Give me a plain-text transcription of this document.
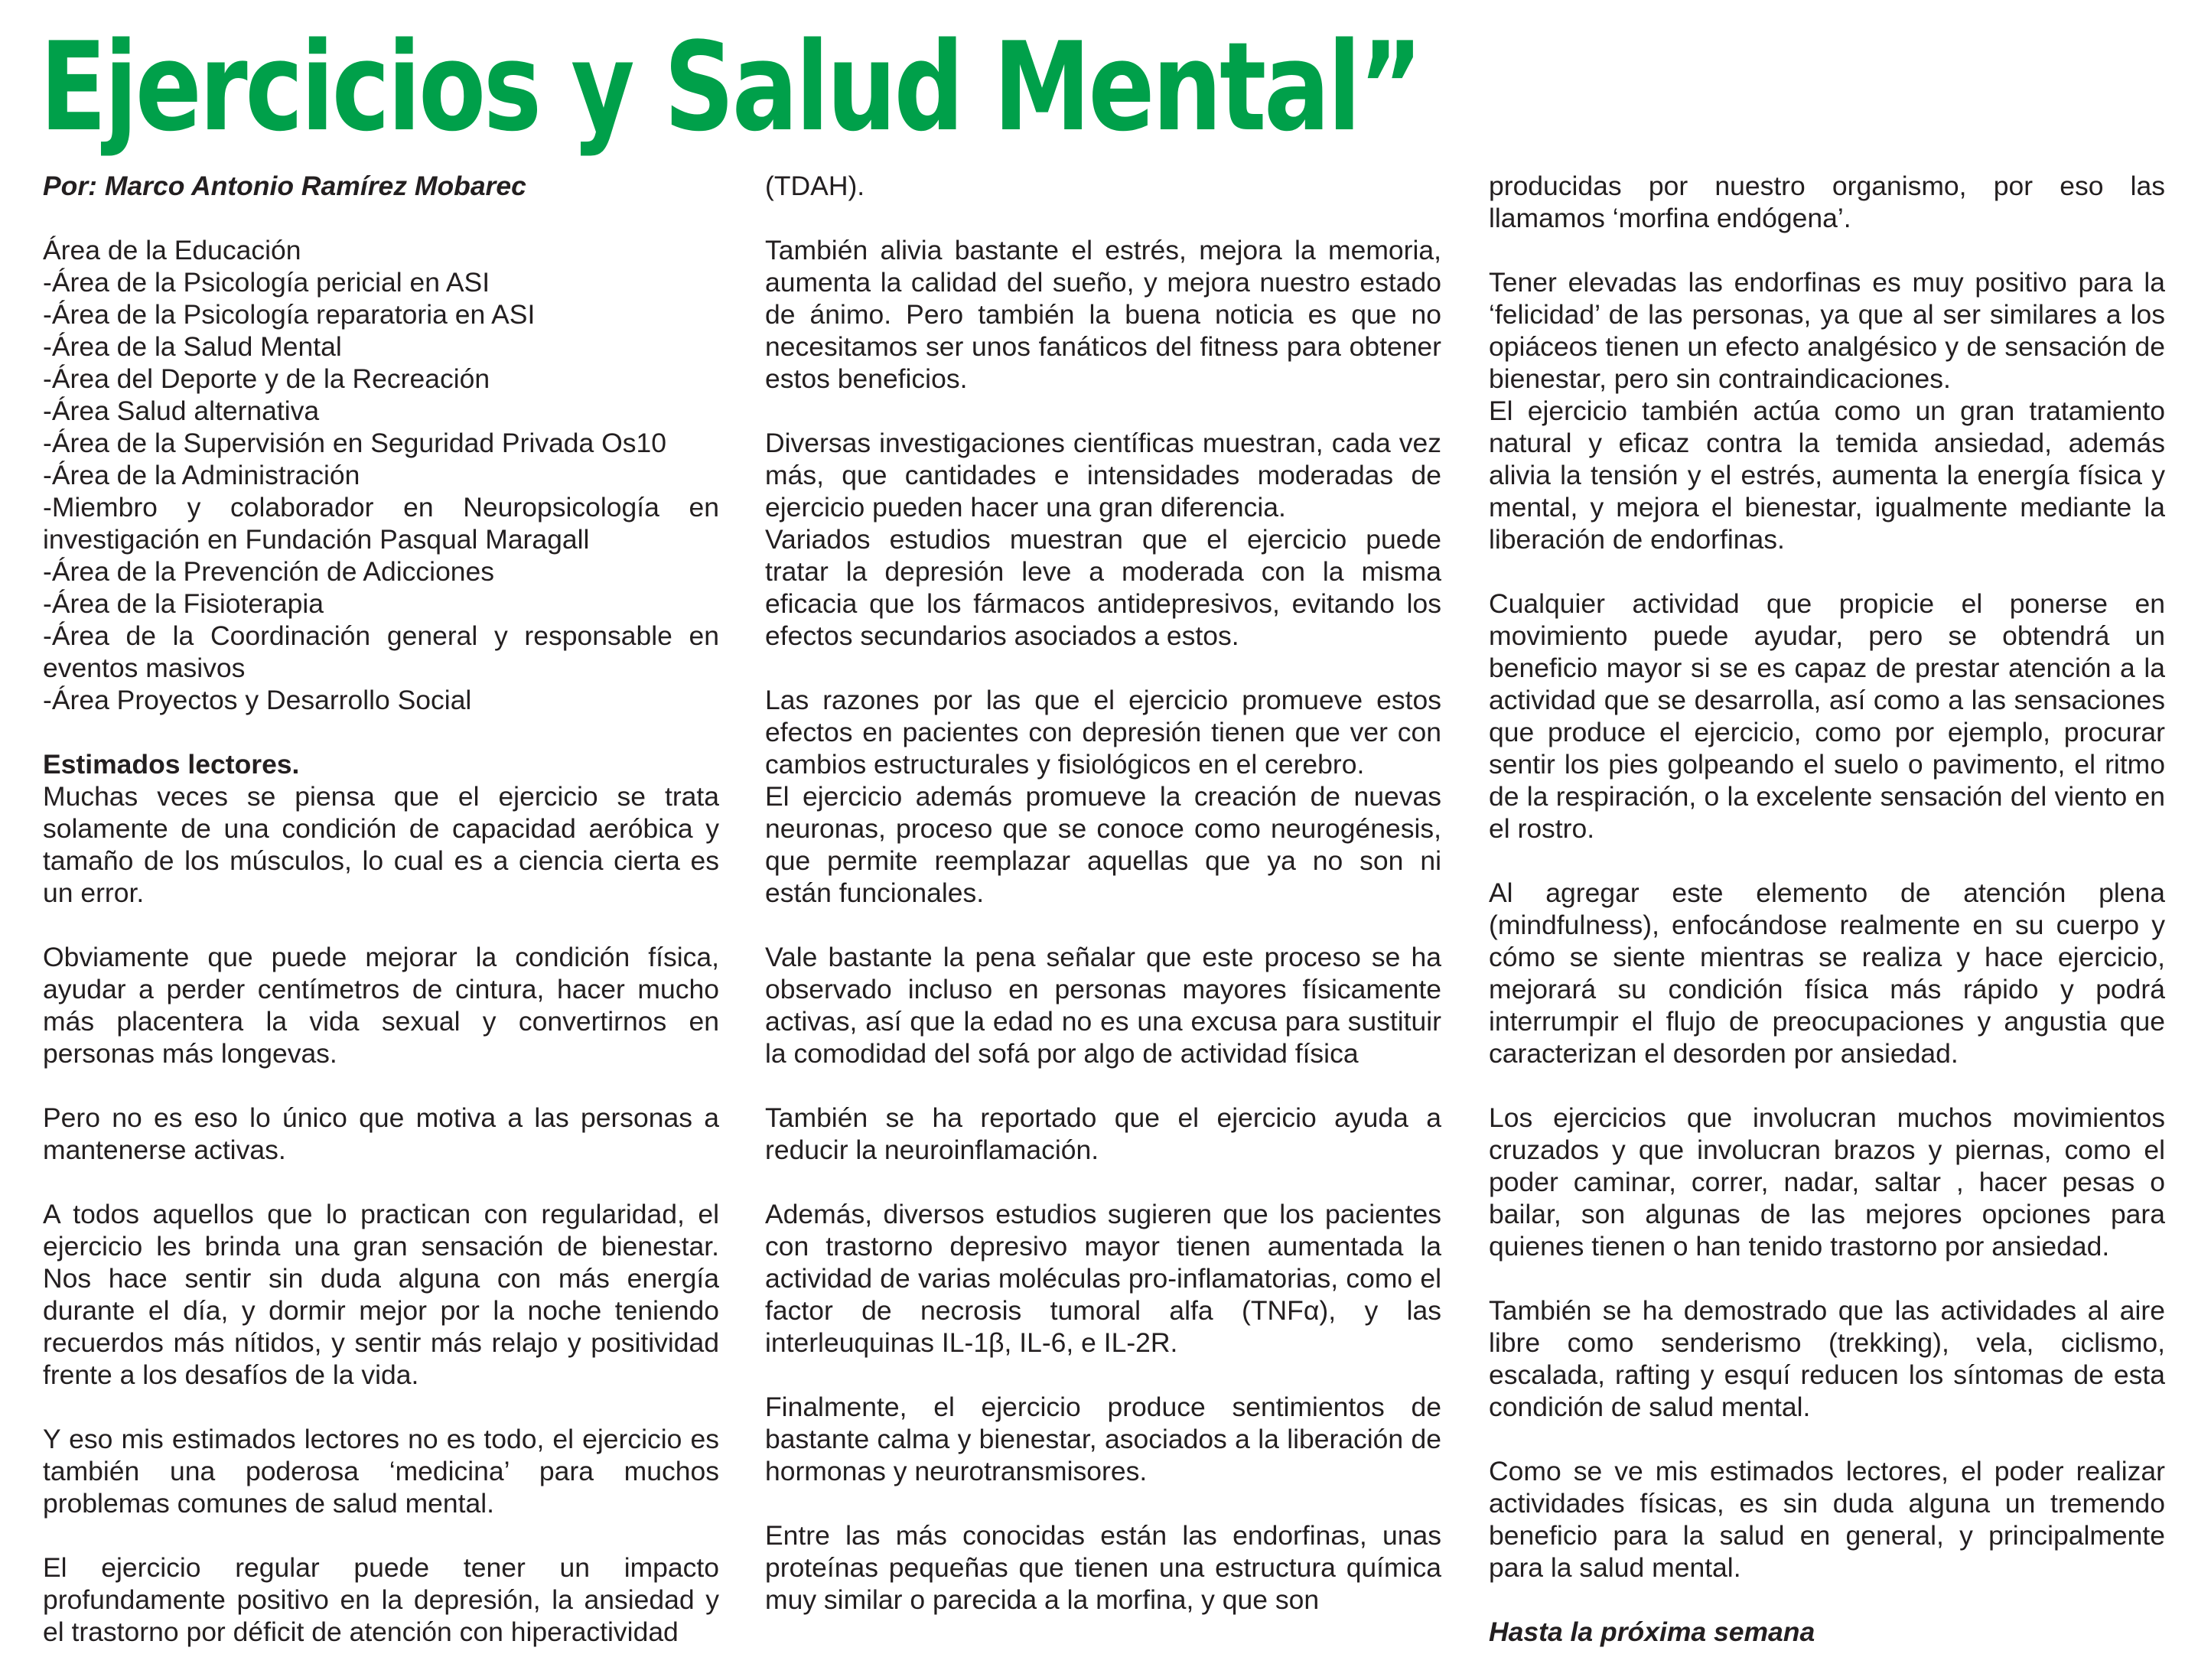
Ejercicios y Salud Mental”

Por: Marco Antonio Ramírez Mobarec

Área de la Educación
-Área de la Psicología pericial en ASI
-Área de la Psicología reparatoria en ASI
-Área de la Salud Mental
-Área del Deporte y de la Recreación
-Área Salud alternativa
-Área de la Supervisión en Seguridad Privada Os10
-Área de la Administración
-Miembro y colaborador en Neuropsicología en investigación en Fundación Pasqual Maragall
-Área de la Prevención de Adicciones
-Área de la Fisioterapia
-Área de la Coordinación general y responsable en eventos masivos
-Área Proyectos y Desarrollo Social

Estimados lectores.

Muchas veces se piensa que el ejercicio se trata solamente de una condición de capacidad aeróbica y tamaño de los músculos, lo cual es a ciencia cierta es un error.

Obviamente que puede mejorar la condición física, ayudar a perder centímetros de cintura, hacer mucho más placentera la vida sexual y convertirnos en personas más longevas.

Pero no es eso lo único que motiva a las personas a mantenerse activas.

A todos aquellos que lo practican con regularidad, el ejercicio les brinda una gran sensación de bienestar. Nos hace sentir sin duda alguna con más energía durante el día, y dormir mejor por la noche teniendo recuerdos más nítidos, y sentir más relajo y positividad frente a los desafíos de la vida.

Y eso mis estimados lectores no es todo, el ejercicio es también una poderosa ‘medicina’ para muchos problemas comunes de salud mental.

El ejercicio regular puede tener un impacto profundamente positivo en la depresión, la ansiedad y el trastorno por déficit de atención con hiperactividad

(TDAH).

También alivia bastante el estrés, mejora la memoria, aumenta la calidad del sueño, y mejora nuestro estado de ánimo. Pero también la buena noticia es que no necesitamos ser unos fanáticos del fitness para obtener estos beneficios.

Diversas investigaciones científicas muestran, cada vez más, que cantidades e intensidades moderadas de ejercicio pueden hacer una gran diferencia.

Variados estudios muestran que el ejercicio puede tratar la depresión leve a moderada con la misma eficacia que los fármacos antidepresivos, evitando los efectos secundarios asociados a estos.

Las razones por las que el ejercicio promueve estos efectos en pacientes con depresión tienen que ver con cambios estructurales y fisiológicos en el cerebro.

El ejercicio además promueve la creación de nuevas neuronas, proceso que se conoce como neurogénesis, que permite reemplazar aquellas que ya no son ni están funcionales.

Vale bastante la pena señalar que este proceso se ha observado incluso en personas mayores físicamente activas, así que la edad no es una excusa para sustituir la comodidad del sofá por algo de actividad física

También se ha reportado que el ejercicio ayuda a reducir la neuroinflamación.

Además, diversos estudios sugieren que los pacientes con trastorno depresivo mayor tienen aumentada la actividad de varias moléculas pro-inflamatorias, como el factor de necrosis tumoral alfa (TNFα), y las interleuquinas IL-1β, IL-6, e IL-2R.

Finalmente, el ejercicio produce sentimientos de bastante calma y bienestar, asociados a la liberación de hormonas y neurotransmisores.

Entre las más conocidas están las endorfinas, unas proteínas pequeñas que tienen una estructura química muy similar o parecida a la morfina, y que son

producidas por nuestro organismo, por eso las llamamos ‘morfina endógena’.

Tener elevadas las endorfinas es muy positivo para la ‘felicidad’ de las personas, ya que al ser similares a los opiáceos tienen un efecto analgésico y de sensación de bienestar, pero sin contraindicaciones.

El ejercicio también actúa como un gran tratamiento natural y eficaz contra la temida ansiedad, además alivia la tensión y el estrés, aumenta la energía física y mental, y mejora el bienestar, igualmente mediante la liberación de endorfinas.

Cualquier actividad que propicie el ponerse en movimiento puede ayudar, pero se obtendrá un beneficio mayor si se es capaz de prestar atención a la actividad que se desarrolla, así como a las sensaciones que produce el ejercicio, como por ejemplo, procurar sentir los pies golpeando el suelo o pavimento, el ritmo de la respiración, o la excelente sensación del viento en el rostro.

Al agregar este elemento de atención plena (mindfulness), enfocándose realmente en su cuerpo y cómo se siente mientras se realiza y hace ejercicio, mejorará su condición física más rápido y podrá interrumpir el flujo de preocupaciones y angustia que caracterizan el desorden por ansiedad.

Los ejercicios que involucran muchos movimientos cruzados y que involucran brazos y piernas, como el poder caminar, correr, nadar, saltar , hacer pesas o bailar, son algunas de las mejores opciones para quienes tienen o han tenido trastorno por ansiedad.

También se ha demostrado que las actividades al aire libre como senderismo (trekking), vela, ciclismo, escalada, rafting y esquí reducen los síntomas de esta condición de salud mental.

Como se ve mis estimados lectores, el poder realizar actividades físicas, es sin duda alguna un tremendo beneficio para la salud en general, y principalmente para la salud mental.

Hasta la próxima semana
